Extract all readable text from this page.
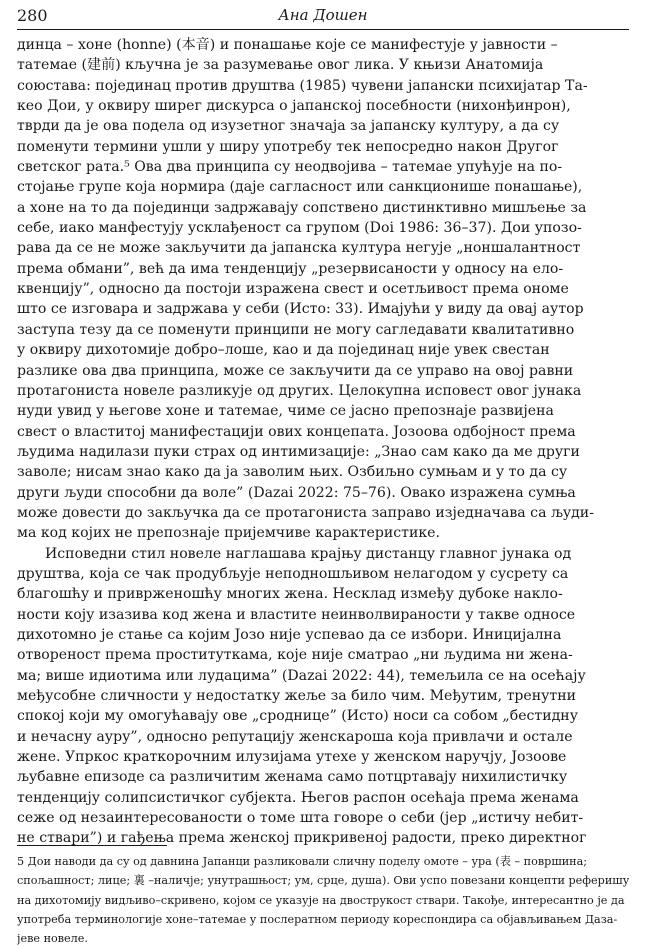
280	Ана Дошен
динца – хоне (honne) (本音) и понашање које се манифестује у јавности –
татемае (建前) кључна је за разумевање овог лика. У књизи Анатомија
союстава: појединац против друштва (1985) чувени јапански психијатар Та-
кео Дои, у оквиру ширег дискурса о јапанској посебности (нихонђинрон),
тврди да је ова подела од изузетног значаја за јапанску културу, а да су
поменути термини ушли у ширу употребу тек непосредно након Другог
светског рата.⁵ Ова два принципа су неодвојива – татемае упућује на по-
стојање групе која нормира (даје сагласност или санкционише понашање),
а хоне на то да појединци задржавају сопствено дистинктивно мишљење за
себе, иако манфестују усклађеност са групом (Doi 1986: 36–37). Дои упозо-
рава да се не може закључити да јапанска култура негује „ноншалантност
према обмани”, већ да има тенденцију „резервисаности у односу на ело-
квенцију”, односно да постоји изражена свест и осетљивост према ономе
што се изговара и задржава у себи (Исто: 33). Имајући у виду да овај аутор
заступа тезу да се поменути принципи не могу сагледавати квалитативно
у оквиру дихотомије добро–лоше, као и да појединац није увек свестан
разлике ова два принципа, може се закључити да се управо на овој равни
протагониста новеле разликује од других. Целокупна исповест овог јунака
нуди увид у његове хоне и татемае, чиме се јасно препознаје развијена
свест о властитој манифестацији ових концепата. Јозоова одбојност према
људима надилази пуки страх од интимизације: „Знао сам како да ме други
заволе; нисам знао како да ја заволим њих. Озбиљно сумњам и у то да су
други људи способни да воле” (Dazai 2022: 75–76). Овако изражена сумња
може довести до закључка да се протагониста заправо изједначава са људи-
ма код којих не препознаје пријемчиве карактеристике.
Исповедни стил новеле наглашава крајњу дистанцу главног јунака од
друштва, која се чак продубљује неподношљивом нелагодом у сусрету са
благошћу и приврженошћу многих жена. Нескла​д између дубоке накло-
ности коју изазива код жена и властите неинволвираности у такве односе
дихотомно је стање са којим Јозо није успевао да се избори. Иницијална
отвореност према проституткама, које није сматрао „ни људима ни жена-
ма; више идиотима или лудацима” (Dazai 2022: 44), темељила се на осећају
међусобне сличности у недостатку жеље за било чим. Међутим, тренутни
спокој који му омогућавају ове „сроднице” (Исто) носи са собом „бестидну
и нечасну ауру”, односно репутацију женскароша која привлачи и остале
жене. Упркос краткорочним илузијама утехе у женском наручју, Јозоове
љубавне епизоде са различитим женама само потцртавају нихилистичку
тенденцију солипсистичког субјекта. Његов распон осећаја према женама
сеже од незаинтересованости о томе шта говоре о себи (јер „истичу небит-
не ствари”) и гађења према женској прикривеној радости, преко директног
5 Дои наводи да су од давнина Јапанци разликовали сличну поделу омоте – ура (表 – површина;
спољашност; лице; 裏 –наличје; унутрашњост; ум, срце, душа). Ови успо повезани концепти реферишу
на дихотомију видљиво–скривено, којом се указује на двострукост ствари. Такође, интересантно је да
употреба терминологије хоне–татемае у послератном периоду кореспондира са објављивањем Даза-
јеве новеле.
